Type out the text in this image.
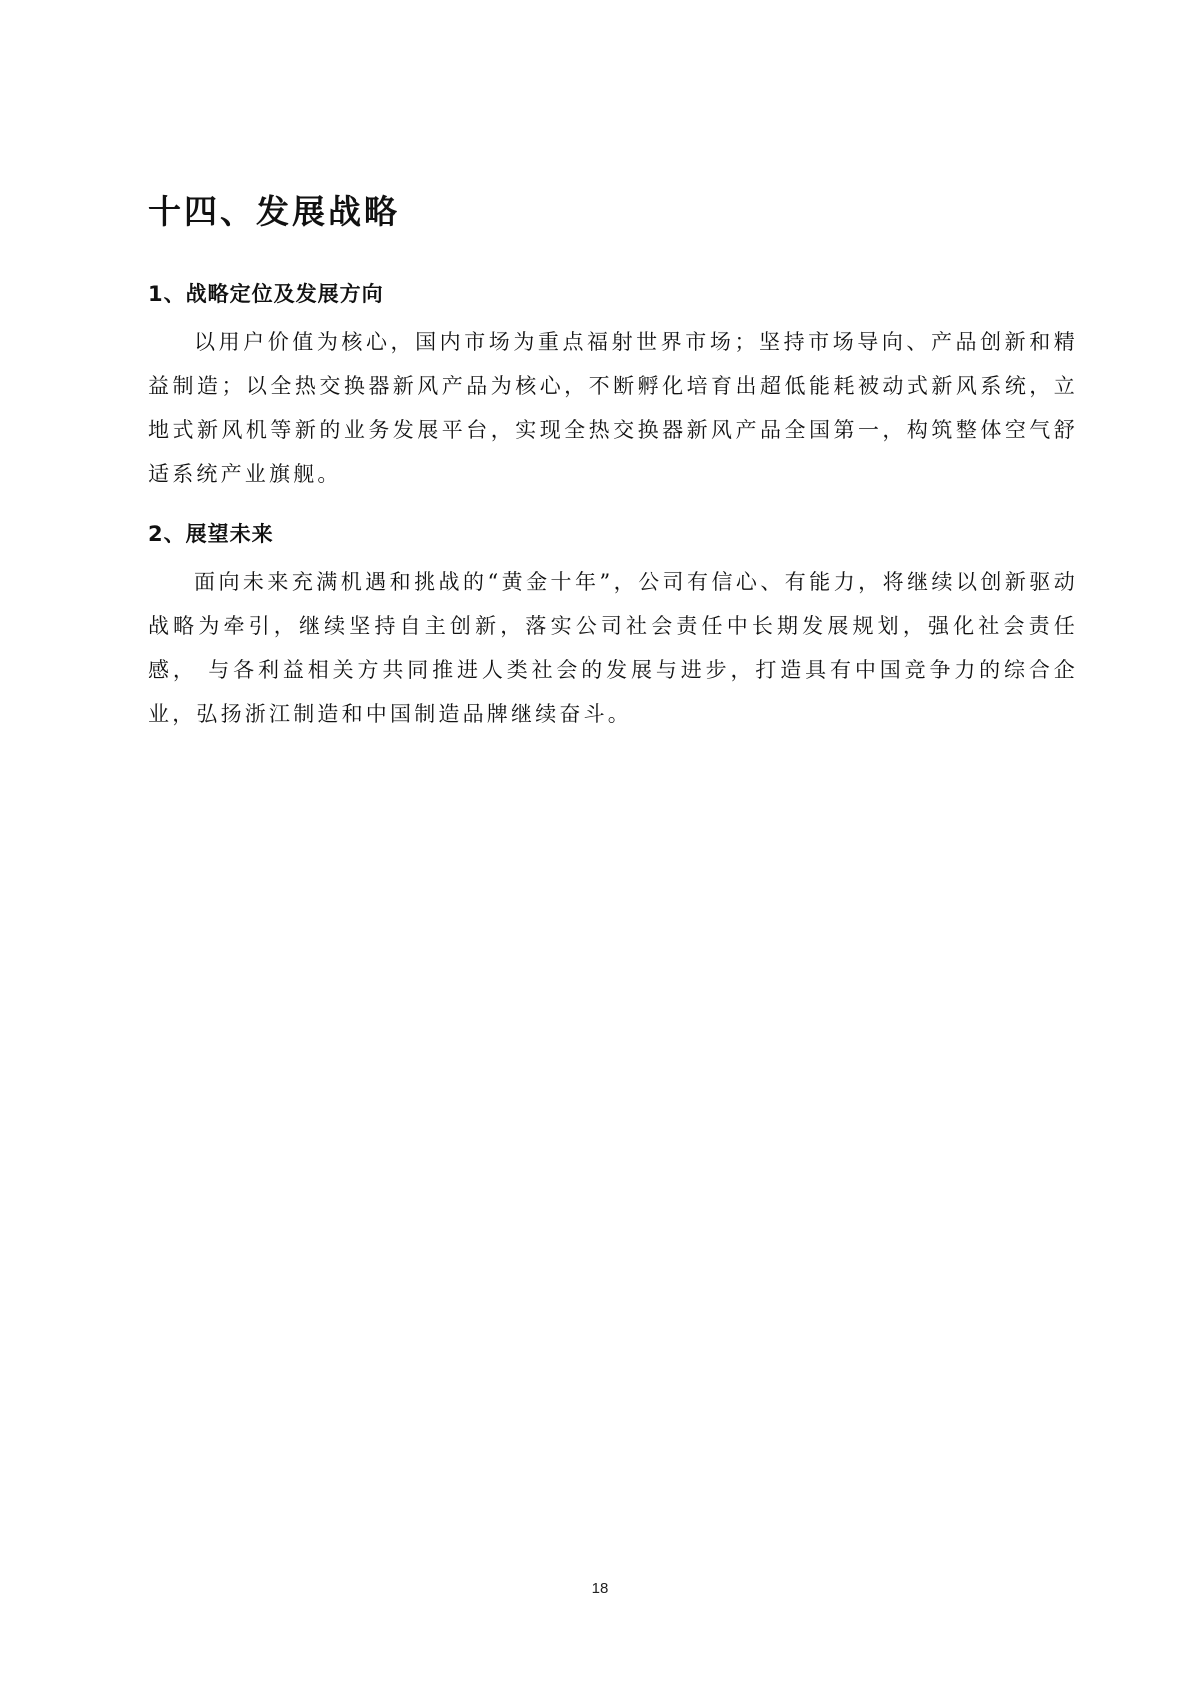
十四、发展战略
1、战略定位及发展方向

以用户价值为核心，国内市场为重点福射世界市场；坚持市场导向、产品创新和精益制造；以全热交换器新风产品为核心，不断孵化培育出超低能耗被动式新风系统，立地式新风机等新的业务发展平台，实现全热交换器新风产品全国第一，构筑整体空气舒适系统产业旗舰。

2、展望未来

面向未来充满机遇和挑战的“黄金十年”，公司有信心、有能力，将继续以创新驱动战略为牵引，继续坚持自主创新，落实公司社会责任中长期发展规划，强化社会责任感， 与各利益相关方共同推进人类社会的发展与进步，打造具有中国竞争力的综合企业，弘扬浙江制造和中国制造品牌继续奋斗。

18
